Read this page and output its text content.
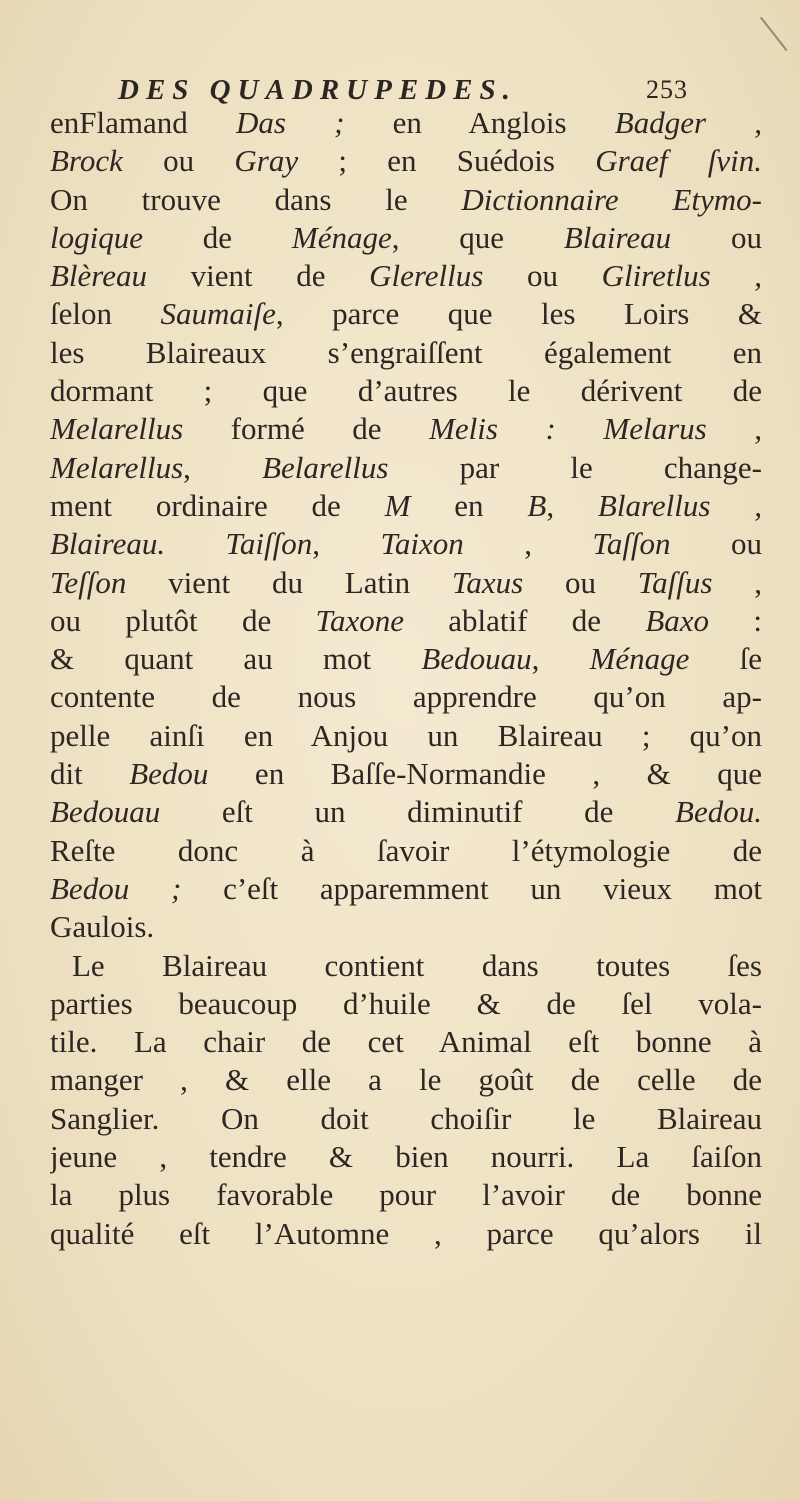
DES QUADRUPEDES.	253
enFlamand Das ; en Anglois Badger ,
Brock ou Gray ; en Suédois Graef ſvin.
On trouve dans le Dictionnaire Etymo-
logique de Ménage, que Blaireau ou
Blèreau vient de Glerellus ou Gliretlus ,
ſelon Saumaiſe, parce que les Loirs &
les Blaireaux s’engraiſſent également en
dormant ; que d’autres le dérivent de
Melarellus formé de Melis : Melarus ,
Melarellus, Belarellus par le change-
ment ordinaire de M en B, Blarellus ,
Blaireau. Taiſſon, Taixon , Taſſon ou
Teſſon vient du Latin Taxus ou Taſſus ,
ou plutôt de Taxone ablatif de Baxo :
& quant au mot Bedouau, Ménage ſe
contente de nous apprendre qu’on ap-
pelle ainſi en Anjou un Blaireau ; qu’on
dit Bedou en Baſſe-Normandie , & que
Bedouau eſt un diminutif de Bedou.
Reſte donc à ſavoir l’étymologie de
Bedou ; c’eſt apparemment un vieux mot
Gaulois.
Le Blaireau contient dans toutes ſes
parties beaucoup d’huile & de ſel vola-
tile. La chair de cet Animal eſt bonne à
manger , & elle a le goût de celle de
Sanglier. On doit choiſir le Blaireau
jeune , tendre & bien nourri. La ſaiſon
la plus favorable pour l’avoir de bonne
qualité eſt l’Automne , parce qu’alors il
